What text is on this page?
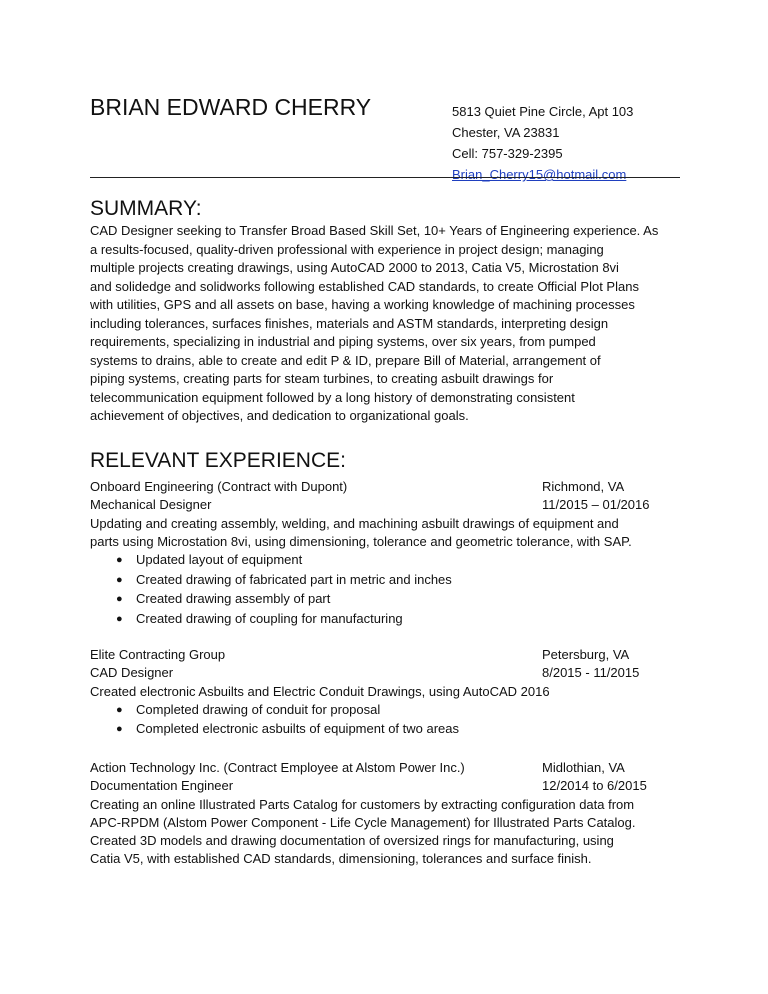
BRIAN EDWARD CHERRY	5813 Quiet Pine Circle, Apt 103
Chester, VA 23831
Cell: 757-329-2395
Brian_Cherry15@hotmail.com
SUMMARY:
CAD Designer seeking to Transfer Broad Based Skill Set, 10+ Years of Engineering experience. As
a results-focused, quality-driven professional with experience in project design; managing
multiple projects creating drawings, using AutoCAD 2000 to 2013, Catia V5, Microstation 8vi
and solidedge and solidworks following established CAD standards, to create Official Plot Plans
with utilities, GPS and all assets on base, having a working knowledge of machining processes
including tolerances, surfaces finishes, materials and ASTM standards, interpreting design
requirements, specializing in industrial and piping systems, over six years, from pumped
systems to drains, able to create and edit P & ID, prepare Bill of Material, arrangement of
piping systems, creating parts for steam turbines, to creating asbuilt drawings for
telecommunication equipment followed by a long history of demonstrating consistent
achievement of objectives, and dedication to organizational goals.
RELEVANT EXPERIENCE:
Onboard Engineering (Contract with Dupont)	Richmond, VA
Mechanical Designer	11/2015 – 01/2016
Updating and creating assembly, welding, and machining asbuilt drawings of equipment and
parts using Microstation 8vi, using dimensioning, tolerance and geometric tolerance, with SAP.
● Updated layout of equipment
● Created drawing of fabricated part in metric and inches
● Created drawing assembly of part
● Created drawing of coupling for manufacturing
Elite Contracting Group	Petersburg, VA
CAD Designer	8/2015 - 11/2015
Created electronic Asbuilts and Electric Conduit Drawings, using AutoCAD 2016
● Completed drawing of conduit for proposal
● Completed electronic asbuilts of equipment of two areas
Action Technology Inc. (Contract Employee at Alstom Power Inc.)	Midlothian, VA
Documentation Engineer	12/2014 to 6/2015
Creating an online Illustrated Parts Catalog for customers by extracting configuration data from
APC-RPDM (Alstom Power Component - Life Cycle Management) for Illustrated Parts Catalog.
Created 3D models and drawing documentation of oversized rings for manufacturing, using
Catia V5, with established CAD standards, dimensioning, tolerances and surface finish.
